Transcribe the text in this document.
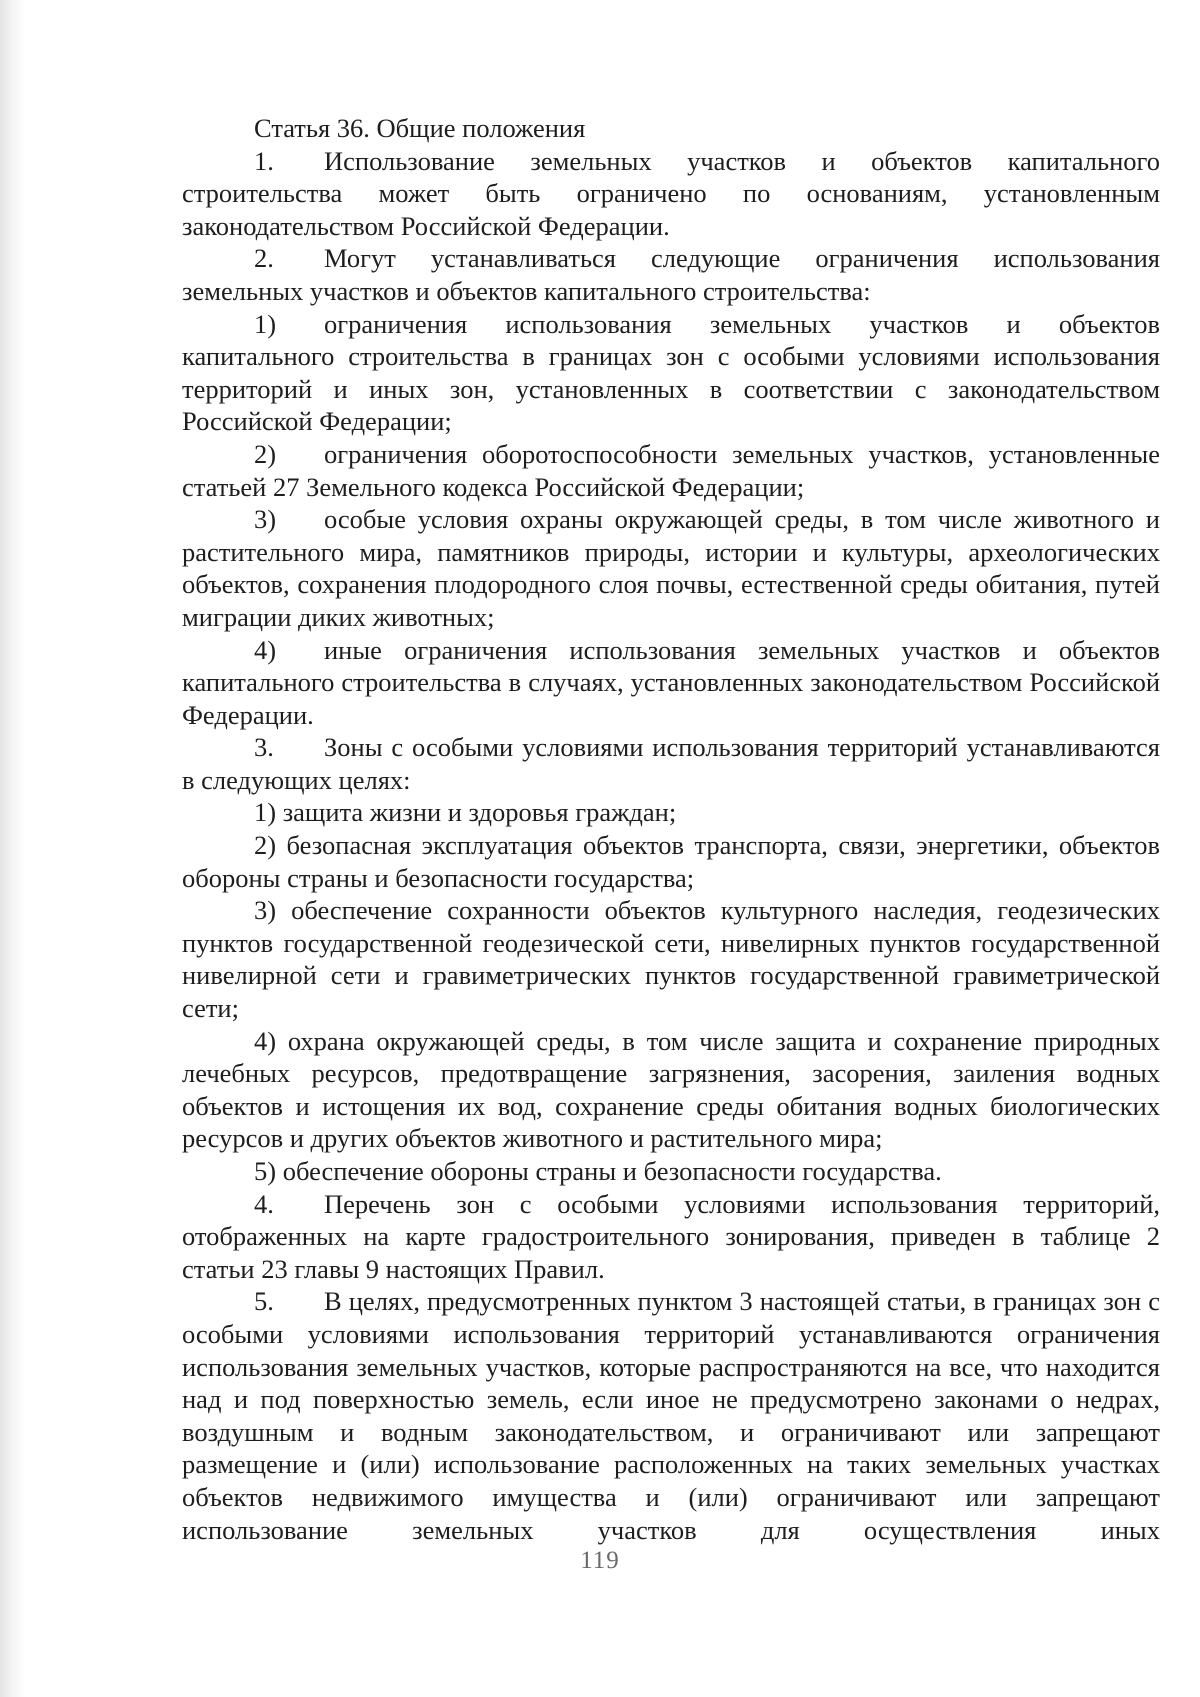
Статья 36. Общие положения

1. Использование земельных участков и объектов капитального строительства может быть ограничено по основаниям, установленным законодательством Российской Федерации.

2. Могут устанавливаться следующие ограничения использования земельных участков и объектов капитального строительства:

1) ограничения использования земельных участков и объектов капитального строительства в границах зон с особыми условиями использования территорий и иных зон, установленных в соответствии с законодательством Российской Федерации;

2) ограничения оборотоспособности земельных участков, установленные статьей 27 Земельного кодекса Российской Федерации;

3) особые условия охраны окружающей среды, в том числе животного и растительного мира, памятников природы, истории и культуры, археологических объектов, сохранения плодородного слоя почвы, естественной среды обитания, путей миграции диких животных;

4) иные ограничения использования земельных участков и объектов капитального строительства в случаях, установленных законодательством Российской Федерации.

3. Зоны с особыми условиями использования территорий устанавливаются в следующих целях:

1) защита жизни и здоровья граждан;

2) безопасная эксплуатация объектов транспорта, связи, энергетики, объектов обороны страны и безопасности государства;

3) обеспечение сохранности объектов культурного наследия, геодезических пунктов государственной геодезической сети, нивелирных пунктов государственной нивелирной сети и гравиметрических пунктов государственной гравиметрической сети;

4) охрана окружающей среды, в том числе защита и сохранение природных лечебных ресурсов, предотвращение загрязнения, засорения, заиления водных объектов и истощения их вод, сохранение среды обитания водных биологических ресурсов и других объектов животного и растительного мира;

5) обеспечение обороны страны и безопасности государства.

4. Перечень зон с особыми условиями использования территорий, отображенных на карте градостроительного зонирования, приведен в таблице 2 статьи 23 главы 9 настоящих Правил.

5. В целях, предусмотренных пунктом 3 настоящей статьи, в границах зон с особыми условиями использования территорий устанавливаются ограничения использования земельных участков, которые распространяются на все, что находится над и под поверхностью земель, если иное не предусмотрено законами о недрах, воздушным и водным законодательством, и ограничивают или запрещают размещение и (или) использование расположенных на таких земельных участках объектов недвижимого имущества и (или) ограничивают или запрещают использование земельных участков для осуществления иных

119
